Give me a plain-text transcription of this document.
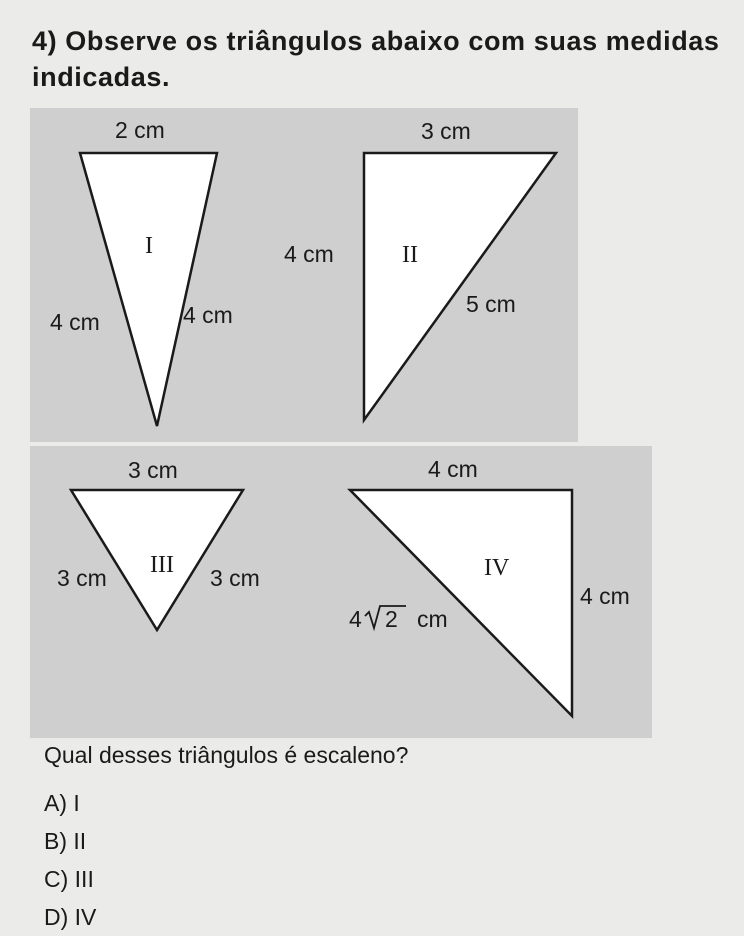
4) Observe os triângulos abaixo com suas medidas indicadas.

2 cm
I
4 cm	4 cm
3 cm
4 cm	II
5 cm
3 cm
3 cm III 3 cm
4 cm
IV
4 cm
4 2 cm

Qual desses triângulos é escaleno?

A) I
B) II
C) III
D) IV
